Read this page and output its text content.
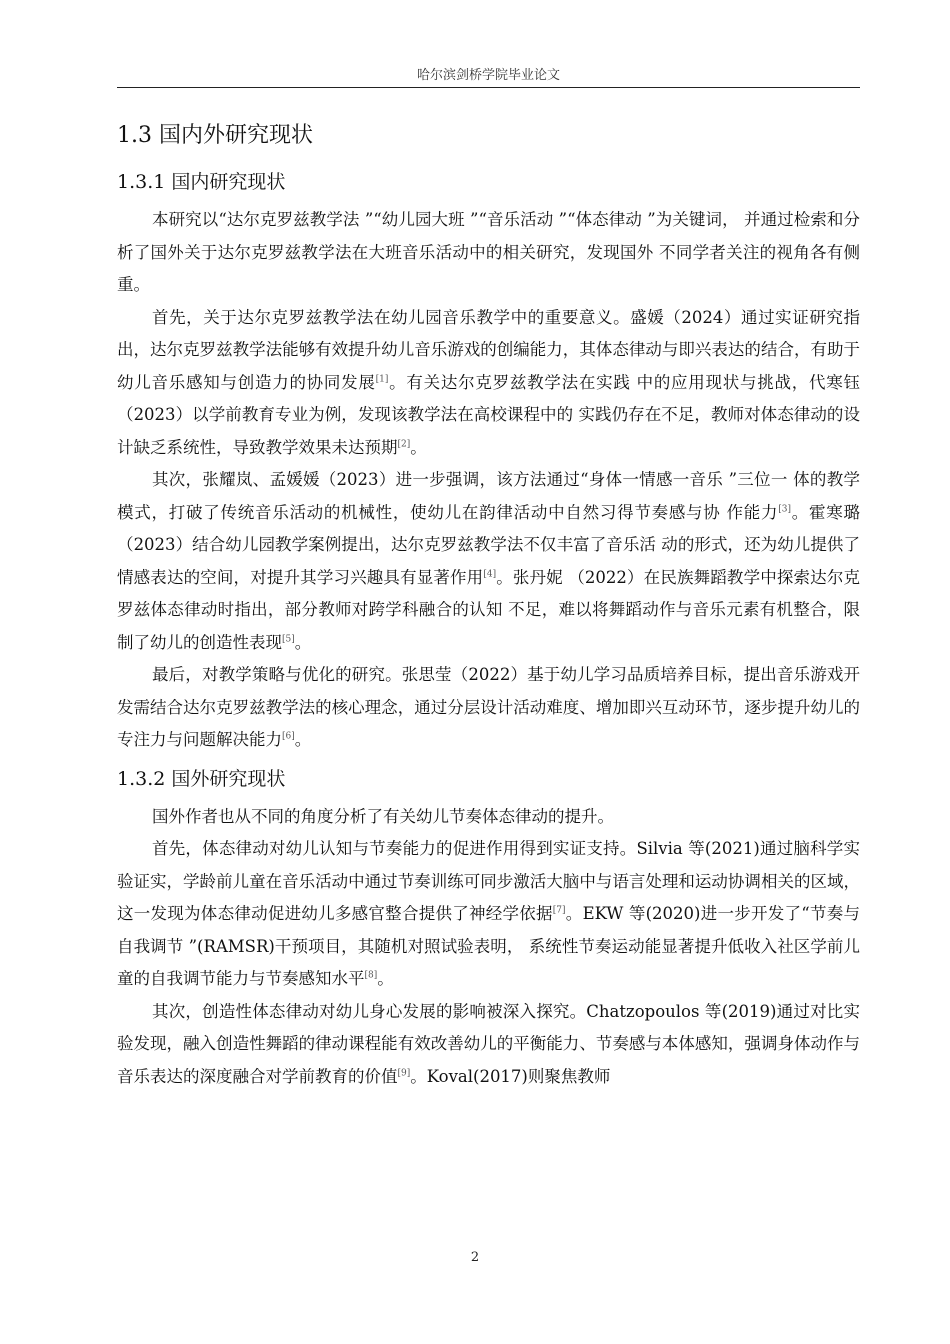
哈尔滨剑桥学院毕业论文
1.3 国内外研究现状
1.3.1 国内研究现状

本研究以“达尔克罗兹教学法 ”“幼儿园大班 ”“音乐活动 ”“体态律动 ”为关键词， 并通过检索和分析了国外关于达尔克罗兹教学法在大班音乐活动中的相关研究，发现国外 不同学者关注的视角各有侧重。

首先，关于达尔克罗兹教学法在幼儿园音乐教学中的重要意义。盛媛（2024）通过实证研究指出，达尔克罗兹教学法能够有效提升幼儿音乐游戏的创编能力，其体态律动与即兴表达的结合，有助于幼儿音乐感知与创造力的协同发展[1]。有关达尔克罗兹教学法在实践 中的应用现状与挑战，代寒钰（2023）以学前教育专业为例，发现该教学法在高校课程中的 实践仍存在不足，教师对体态律动的设计缺乏系统性，导致教学效果未达预期[2]。

其次，张耀岚、孟媛媛（2023）进一步强调，该方法通过“身体一情感一音乐 ”三位一 体的教学模式，打破了传统音乐活动的机械性，使幼儿在韵律活动中自然习得节奏感与协 作能力[3]。霍寒璐（2023）结合幼儿园教学案例提出，达尔克罗兹教学法不仅丰富了音乐活 动的形式，还为幼儿提供了情感表达的空间，对提升其学习兴趣具有显著作用[4]。张丹妮 （2022）在民族舞蹈教学中探索达尔克罗兹体态律动时指出，部分教师对跨学科融合的认知 不足，难以将舞蹈动作与音乐元素有机整合，限制了幼儿的创造性表现[5]。

最后，对教学策略与优化的研究。张思莹（2022）基于幼儿学习品质培养目标，提出音乐游戏开发需结合达尔克罗兹教学法的核心理念，通过分层设计活动难度、增加即兴互动环节，逐步提升幼儿的专注力与问题解决能力[6]。

1.3.2 国外研究现状

国外作者也从不同的角度分析了有关幼儿节奏体态律动的提升。

首先，体态律动对幼儿认知与节奏能力的促进作用得到实证支持。Silvia 等(2021)通过脑科学实验证实，学龄前儿童在音乐活动中通过节奏训练可同步激活大脑中与语言处理和运动协调相关的区域，这一发现为体态律动促进幼儿多感官整合提供了神经学依据[7]。EKW 等(2020)进一步开发了“节奏与自我调节 ”(RAMSR)干预项目，其随机对照试验表明， 系统性节奏运动能显著提升低收入社区学前儿童的自我调节能力与节奏感知水平[8]。

其次，创造性体态律动对幼儿身心发展的影响被深入探究。Chatzopoulos 等(2019)通过对比实验发现，融入创造性舞蹈的律动课程能有效改善幼儿的平衡能力、节奏感与本体感知，强调身体动作与音乐表达的深度融合对学前教育的价值[9]。Koval(2017)则聚焦教师

2
